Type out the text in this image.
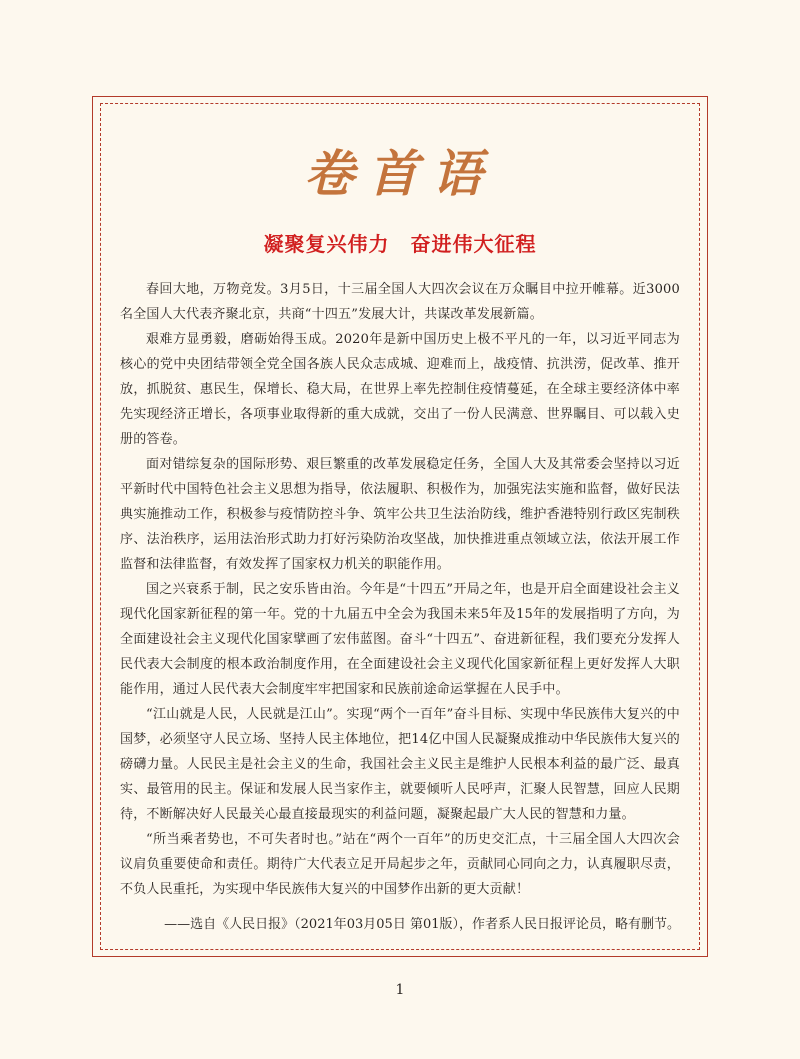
卷首语
凝聚复兴伟力　奋进伟大征程

春回大地，万物竞发。3月5日，十三届全国人大四次会议在万众瞩目中拉开帷幕。近3000名全国人大代表齐聚北京，共商“十四五”发展大计，共谋改革发展新篇。

艰难方显勇毅，磨砺始得玉成。2020年是新中国历史上极不平凡的一年，以习近平同志为核心的党中央团结带领全党全国各族人民众志成城、迎难而上，战疫情、抗洪涝，促改革、推开放，抓脱贫、惠民生，保增长、稳大局，在世界上率先控制住疫情蔓延，在全球主要经济体中率先实现经济正增长，各项事业取得新的重大成就，交出了一份人民满意、世界瞩目、可以载入史册的答卷。

面对错综复杂的国际形势、艰巨繁重的改革发展稳定任务，全国人大及其常委会坚持以习近平新时代中国特色社会主义思想为指导，依法履职、积极作为，加强宪法实施和监督，做好民法典实施推动工作，积极参与疫情防控斗争、筑牢公共卫生法治防线，维护香港特别行政区宪制秩序、法治秩序，运用法治形式助力打好污染防治攻坚战，加快推进重点领域立法，依法开展工作监督和法律监督，有效发挥了国家权力机关的职能作用。

国之兴衰系于制，民之安乐皆由治。今年是“十四五”开局之年，也是开启全面建设社会主义现代化国家新征程的第一年。党的十九届五中全会为我国未来5年及15年的发展指明了方向，为全面建设社会主义现代化国家擘画了宏伟蓝图。奋斗“十四五”、奋进新征程，我们要充分发挥人民代表大会制度的根本政治制度作用，在全面建设社会主义现代化国家新征程上更好发挥人大职能作用，通过人民代表大会制度牢牢把国家和民族前途命运掌握在人民手中。

“江山就是人民，人民就是江山”。实现“两个一百年”奋斗目标、实现中华民族伟大复兴的中国梦，必须坚守人民立场、坚持人民主体地位，把14亿中国人民凝聚成推动中华民族伟大复兴的磅礴力量。人民民主是社会主义的生命，我国社会主义民主是维护人民根本利益的最广泛、最真实、最管用的民主。保证和发展人民当家作主，就要倾听人民呼声，汇聚人民智慧，回应人民期待，不断解决好人民最关心最直接最现实的利益问题，凝聚起最广大人民的智慧和力量。

“所当乘者势也，不可失者时也。”站在“两个一百年”的历史交汇点，十三届全国人大四次会议肩负重要使命和责任。期待广大代表立足开局起步之年，贡献同心同向之力，认真履职尽责，不负人民重托，为实现中华民族伟大复兴的中国梦作出新的更大贡献！

——选自《人民日报》（2021年03月05日 第01版），作者系人民日报评论员，略有删节。
1
